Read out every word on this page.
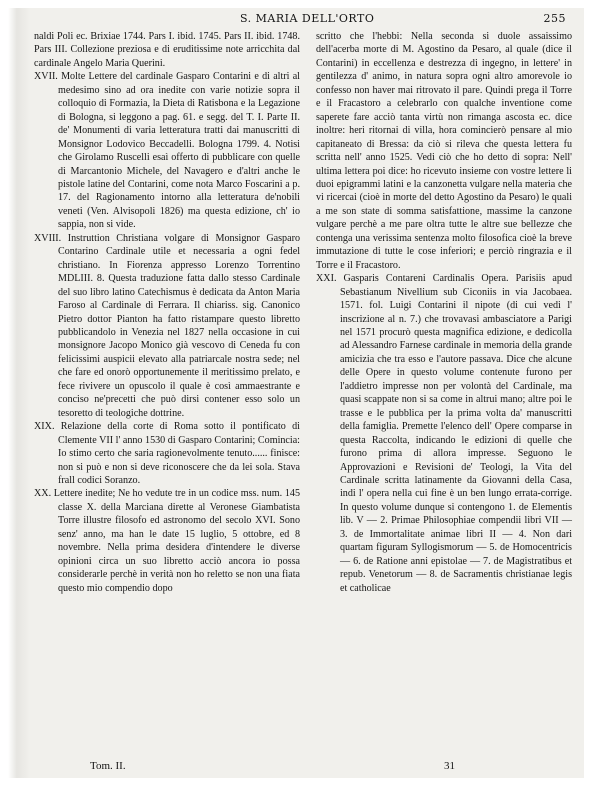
S. MARIA DELL'ORTO	255

naldi Poli ec. Brixiae 1744. Pars I. ibid. 1745. Pars II. ibid. 1748. Pars III. Collezione preziosa e di eruditissime note arricchita dal cardinale Angelo Maria Querini.

XVII. Molte Lettere del cardinale Gasparo Contarini e di altri al medesimo sino ad ora inedite con varie notizie sopra il colloquio di Formazia, la Dieta di Ratisbona e la Legazione di Bologna, si leggono a pag. 61. e segg. del T. I. Parte II. de' Monumenti di varia letteratura tratti dai manuscritti di Monsignor Lodovico Beccadelli. Bologna 1799. 4. Notisi che Girolamo Ruscelli esaì offerto di pubblicare con quelle di Marcantonio Michele, del Navagero e d'altri anche le pistole latine del Contarini, come nota Marco Foscarini a p. 17. del Ragionamento intorno alla letteratura de'nobili veneti (Ven. Alvisopoli 1826) ma questa edizione, ch' io sappia, non si vide.

XVIII. Instruttion Christiana volgare di Monsignor Gasparo Contarino Cardinale utile et necessaria a ogni fedel christiano. In Fiorenza appresso Lorenzo Torrentino MDLIII. 8. Questa traduzione fatta dallo stesso Cardinale del suo libro latino Catechismus è dedicata da Anton Maria Faroso al Cardinale di Ferrara. Il chiariss. sig. Canonico Pietro dottor Pianton ha fatto ristampare questo libretto pubblicandolo in Venezia nel 1827 nella occasione in cui monsignore Jacopo Monico già vescovo di Ceneda fu con felicissimi auspicii elevato alla patriarcale nostra sede; nel che fare ed onorò opportunemente il meritissimo prelato, e fece rivivere un opuscolo il quale è così ammaestrante e conciso ne'precetti che può dirsi contener esso solo un tesoretto di teologiche dottrine.

XIX. Relazione della corte di Roma sotto il pontificato di Clemente VII l' anno 1530 di Gasparo Contarini; Comincia: Io stimo certo che saria ragionevolmente tenuto...... finisce: non si può e non si deve riconoscere che da lei sola. Stava frall codici Soranzo.

XX. Lettere inedite; Ne ho vedute tre in un codice mss. num. 145 classe X. della Marciana dirette al Veronese Giambatista Torre illustre filosofo ed astronomo del secolo XVI. Sono senz' anno, ma han le date 15 luglio, 5 ottobre, ed 8 novembre. Nella prima desidera d'intendere le diverse opinioni circa un suo libretto acciò ancora io possa considerarle perchè in verità non ho reletto se non una fiata questo mio compendio dopo

scritto che l'hebbi: Nella seconda si duole assaissimo dell'acerba morte di M. Agostino da Pesaro, al quale (dice il Contarini) in eccellenza e destrezza di ingegno, in lettere' in gentilezza d' animo, in natura sopra ogni altro amorevole io confesso non haver mai ritrovato il pare. Quindi prega il Torre e il Fracastoro a celebrarlo con qualche inventione come saperete fare acciò tanta virtù non rimanga ascosta ec. dice inoltre: heri ritornai di villa, hora comincierò pensare al mio capitaneato di Bressa: da ciò si rileva che questa lettera fu scritta nell' anno 1525. Vedi ciò che ho detto di sopra: Nell' ultima lettera poi dice: ho ricevuto insieme con vostre lettere li duoi epigrammi latini e la canzonetta vulgare nella materia che vi ricercai (cioè in morte del detto Agostino da Pesaro) le quali a me son state di somma satisfattione, massime la canzone vulgare perchè a me pare oltra tutte le altre sue bellezze che contenga una verissima sentenza molto filosofica cioè la breve immutazione di tutte le cose inferiori; e perciò ringrazia e il Torre e il Fracastoro.

XXI. Gasparis Contareni Cardinalis Opera. Parisiis apud Sebastianum Nivellium sub Ciconiis in via Jacobaea. 1571. fol. Luigi Contarini il nipote (di cui vedi l' inscrizione al n. 7.) che trovavasi ambasciatore a Parigi nel 1571 procurò questa magnifica edizione, e dedicolla ad Alessandro Farnese cardinale in memoria della grande amicizia che tra esso e l'autore passava. Dice che alcune delle Opere in questo volume contenute furono per l'addietro impresse non per volontà del Cardinale, ma quasi scappate non si sa come in altrui mano; altre poi le trasse e le pubblica per la prima volta da' manuscritti della famiglia. Premette l'elenco dell' Opere comparse in questa Raccolta, indicando le edizioni di quelle che furono prima di allora impresse. Seguono le Approvazioni e Revisioni de' Teologi, la Vita del Cardinale scritta latinamente da Giovanni della Casa, indi l' opera nella cui fine è un ben lungo errata-corrige. In questo volume dunque si contengono 1. de Elementis lib. V — 2. Primae Philosophiae compendii libri VII — 3. de Immortalitate animae libri II — 4. Non dari quartam figuram Syllogismorum — 5. de Homocentricis — 6. de Ratione anni epistolae — 7. de Magistratibus et repub. Venetorum — 8. de Sacramentis christianae legis et catholicae

Tom. II.	31
